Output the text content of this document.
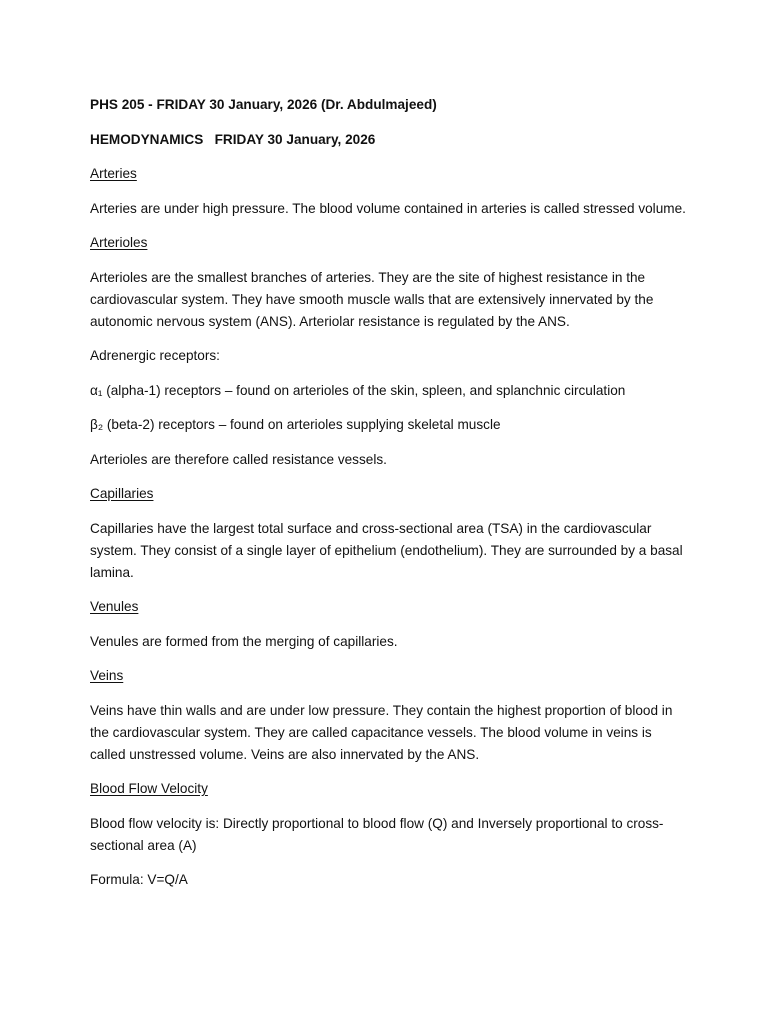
PHS 205 - FRIDAY 30 January, 2026 (Dr. Abdulmajeed)

HEMODYNAMICS   FRIDAY 30 January, 2026

Arteries

Arteries are under high pressure. The blood volume contained in arteries is called stressed volume.

Arterioles

Arterioles are the smallest branches of arteries. They are the site of highest resistance in the cardiovascular system. They have smooth muscle walls that are extensively innervated by the autonomic nervous system (ANS). Arteriolar resistance is regulated by the ANS.

Adrenergic receptors:

α₁ (alpha-1) receptors – found on arterioles of the skin, spleen, and splanchnic circulation

β₂ (beta-2) receptors – found on arterioles supplying skeletal muscle

Arterioles are therefore called resistance vessels.

Capillaries

Capillaries have the largest total surface and cross-sectional area (TSA) in the cardiovascular system. They consist of a single layer of epithelium (endothelium). They are surrounded by a basal lamina.

Venules

Venules are formed from the merging of capillaries.

Veins

Veins have thin walls and are under low pressure. They contain the highest proportion of blood in the cardiovascular system. They are called capacitance vessels. The blood volume in veins is called unstressed volume. Veins are also innervated by the ANS.

Blood Flow Velocity

Blood flow velocity is: Directly proportional to blood flow (Q) and Inversely proportional to cross-sectional area (A)

Formula: V=Q/A
